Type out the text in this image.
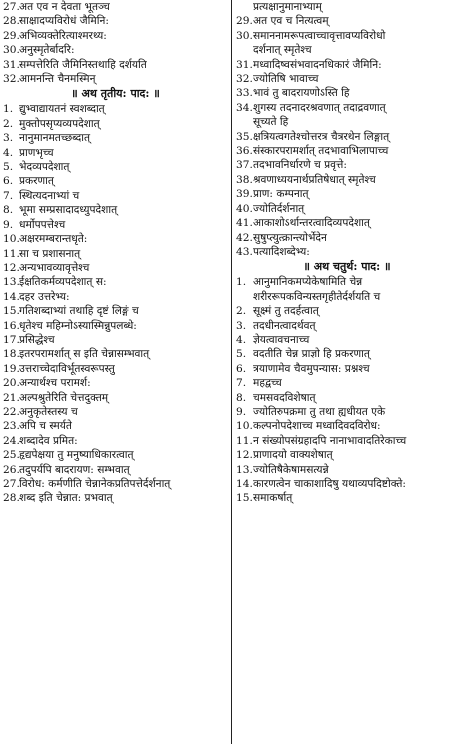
27. अत एव न देवता भूतञ्च
28. साक्षादप्यविरोधं जैमिनि:
29. अभिव्यक्तेरित्याश्मरथ्य:
30. अनुस्मृतेर्बादरि:
31. सम्पत्तेरिति जैमिनिस्तथाहि दर्शयति
32. आमनन्ति चैनमस्मिन्
॥ अथ तृतीय: पाद: ॥
1. द्युभ्वाद्यायतनं स्वशब्दात्
2. मुक्तोपसृप्यव्यपदेशात्
3. नानुमानमतच्छब्दात्
4. प्राणभृच्च
5. भेदव्यपदेशात्
6. प्रकरणात्
7. स्थित्यदनाभ्यां च
8. भूमा सम्प्रसादादध्युपदेशात्
9. धर्मोपपत्तेश्च
10. अक्षरमम्बरान्तधृते:
11. सा च प्रशासनात्
12. अन्यभावव्यावृत्तेश्च
13. ईक्षतिकर्मव्यपदेशात् स:
14. दहर उत्तरेभ्य:
15. गतिशब्दाभ्यां तथाहि दृष्टं लिङ्गं च
16. धृतेश्च महिम्नोऽस्यास्मिन्नुपलब्धे:
17. प्रसिद्धेश्च
18. इतरपरामर्शात् स इति चेन्नासम्भवात्
19. उत्तराच्चेदाविर्भूतस्वरूपस्तु
20. अन्यार्थश्च परामर्श:
21. अल्पश्रुतेरिति चेत्तदुक्तम्
22. अनुकृतेस्तस्य च
23. अपि च स्मर्यते
24. शब्दादेव प्रमित:
25. हृद्यपेक्षया तु मनुष्याधिकारत्वात्
26. तदुपर्यपि बादरायण: सम्भवात्
27. विरोध: कर्मणीति चेन्नानेकप्रतिपत्तेर्दर्शनात्
28. शब्द इति चेन्नात: प्रभवात्
प्रत्यक्षानुमानाभ्याम्
29. अत एव च नित्यत्वम्
30. समाननामरूपत्वाच्चावृत्तावप्यविरोधो
दर्शनात् स्मृतेश्च
31. मध्वादिष्वसंभवादनधिकारं जैमिनि:
32. ज्योतिषि भावाच्च
33. भावं तु बादरायणोऽस्ति हि
34. शुगस्य तदनादरश्रवणात् तदाद्रवणात्
सूच्यते हि
35. क्षत्रियत्वगतेश्चोत्तरत्र चैत्ररथेन लिङ्गात्
36. संस्कारपरामर्शात् तदभावाभिलापाच्च
37. तदभावनिर्धारणे च प्रवृत्ते:
38. श्रवणाध्ययनार्थप्रतिषेधात् स्मृतेश्च
39. प्राण: कम्पनात्
40. ज्योतिर्दर्शनात्
41. आकाशोऽर्थान्तरत्वादिव्यपदेशात्
42. सुषुप्त्युत्क्रान्त्योर्भेदेन
43. पत्यादिशब्देभ्य:
॥ अथ चतुर्थ: पाद: ॥
1. आनुमानिकमप्येकेषामिति चेन्न
शरीररूपकविन्यस्तगृहीतेर्दर्शयति च
2. सूक्ष्मं तु तदर्हत्वात्
3. तदधीनत्वादर्थवत्
4. ज्ञेयत्वावचनाच्च
5. वदतीति चेन्न प्राज्ञो हि प्रकरणात्
6. त्रयाणामेव चैवमुपन्यास: प्रश्नश्च
7. महद्वच्च
8. चमसवदविशेषात्
9. ज्योतिरुपक्रमा तु तथा ह्यधीयत एके
10. कल्पनोपदेशाच्च मध्वादिवदविरोध:
11. न संख्योपसंग्रहादपि नानाभावादतिरेकाच्च
12. प्राणादयो वाक्यशेषात्
13. ज्योतिषैकेषामसत्यन्ने
14. कारणत्वेन चाकाशादिषु यथाव्यपदिष्टोक्ते:
15. समाकर्षात्
